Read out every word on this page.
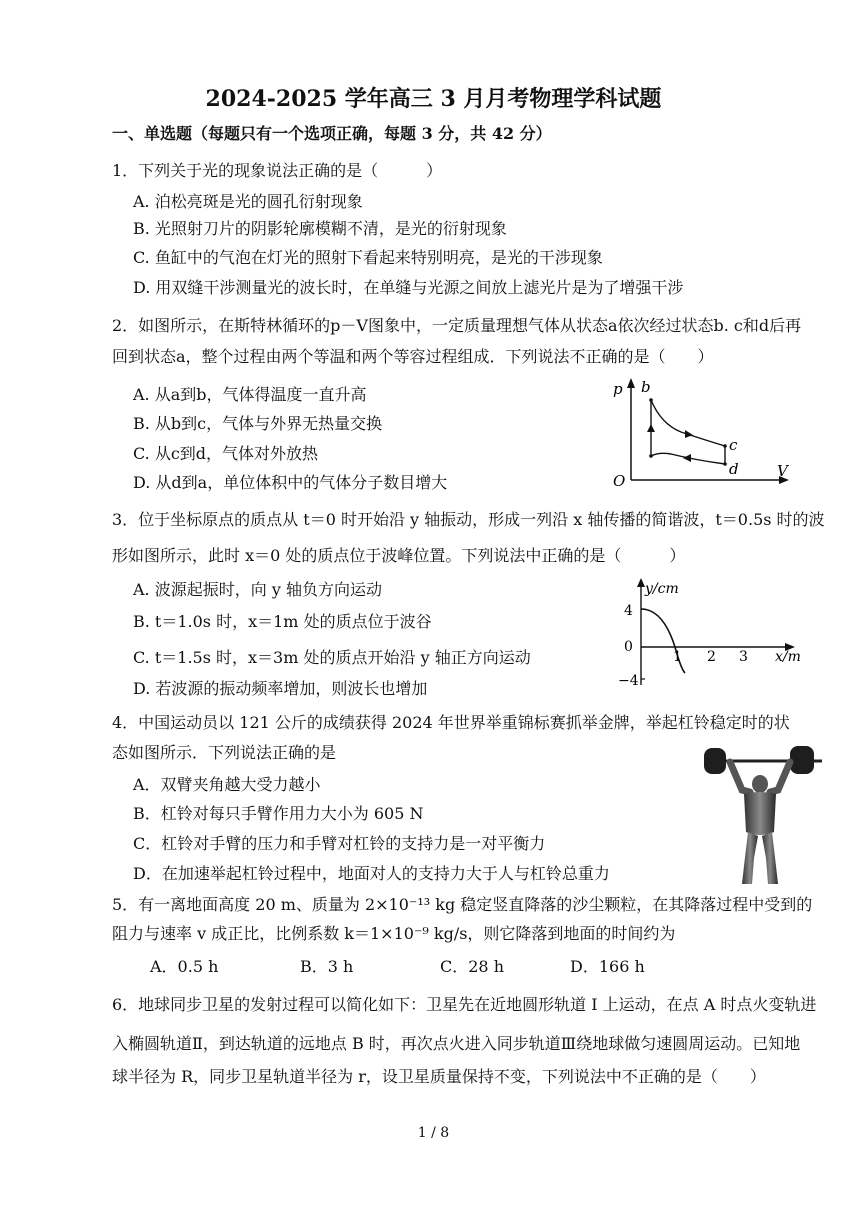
2024-2025 学年高三 3 月月考物理学科试题
一、单选题（每题只有一个选项正确，每题 3 分，共 42 分）
1．下列关于光的现象说法正确的是（　　　）
A. 泊松亮斑是光的圆孔衍射现象
B. 光照射刀片的阴影轮廓模糊不清，是光的衍射现象
C. 鱼缸中的气泡在灯光的照射下看起来特别明亮，是光的干涉现象
D. 用双缝干涉测量光的波长时，在单缝与光源之间放上滤光片是为了增强干涉
2．如图所示，在斯特林循环的p－V图象中，一定质量理想气体从状态a依次经过状态b. c和d后再
回到状态a，整个过程由两个等温和两个等容过程组成．下列说法不正确的是（　　）
A. 从a到b，气体得温度一直升高
B. 从b到c，气体与外界无热量交换
C. 从c到d，气体对外放热
D. 从d到a，单位体积中的气体分子数目增大
p
V
O
b
c
d
3．位于坐标原点的质点从 t＝0 时开始沿 y 轴振动，形成一列沿 x 轴传播的简谐波，t＝0.5s 时的波
形如图所示，此时 x＝0 处的质点位于波峰位置。下列说法中正确的是（　　　）
A. 波源起振时，向 y 轴负方向运动
B. t＝1.0s 时，x＝1m 处的质点位于波谷
C. t＝1.5s 时，x＝3m 处的质点开始沿 y 轴正方向运动
D. 若波源的振动频率增加，则波长也增加
y/cm
x/m
4
0
−4
1 2 3
4．中国运动员以 121 公斤的成绩获得 2024 年世界举重锦标赛抓举金牌，举起杠铃稳定时的状
态如图所示．下列说法正确的是
A．双臂夹角越大受力越小
B．杠铃对每只手臂作用力大小为 605 N
C．杠铃对手臂的压力和手臂对杠铃的支持力是一对平衡力
D．在加速举起杠铃过程中，地面对人的支持力大于人与杠铃总重力
5．有一离地面高度 20 m、质量为 2×10⁻¹³ kg 稳定竖直降落的沙尘颗粒，在其降落过程中受到的
阻力与速率 v 成正比，比例系数 k＝1×10⁻⁹ kg/s，则它降落到地面的时间约为
A．0.5 h	B．3 h	C．28 h	D．166 h
6．地球同步卫星的发射过程可以简化如下：卫星先在近地圆形轨道 I 上运动，在点 A 时点火变轨进
入椭圆轨道Ⅱ，到达轨道的远地点 B 时，再次点火进入同步轨道Ⅲ绕地球做匀速圆周运动。已知地
球半径为 R，同步卫星轨道半径为 r，设卫星质量保持不变，下列说法中不正确的是（　　）
1 / 8
